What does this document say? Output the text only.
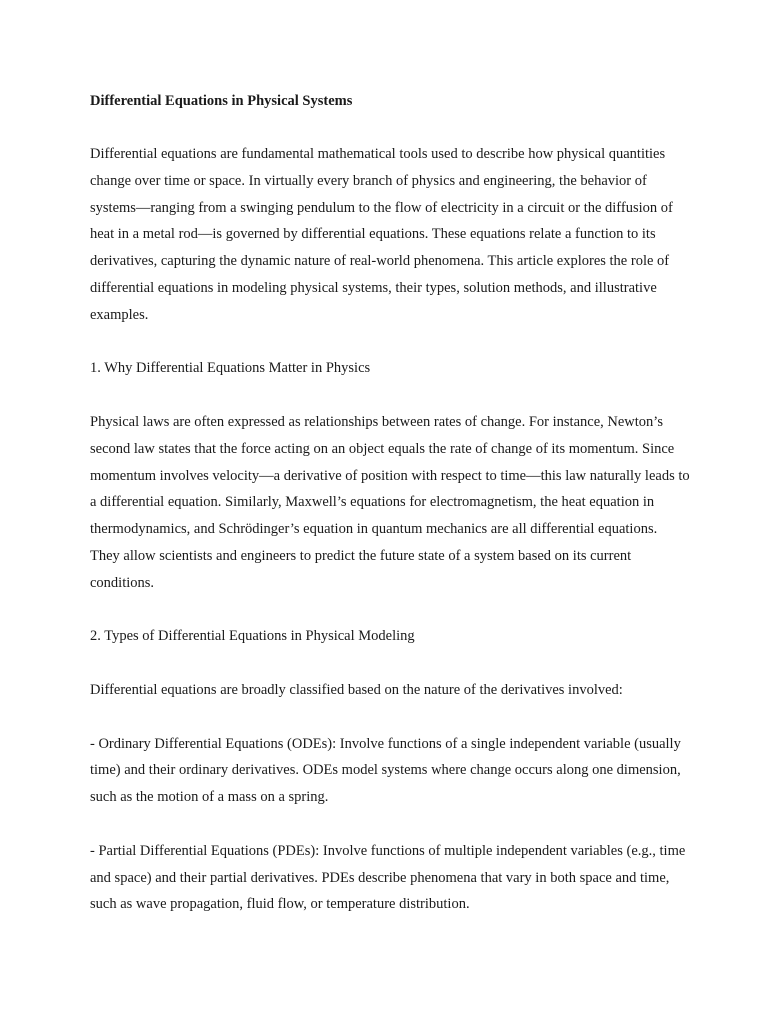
Differential Equations in Physical Systems

Differential equations are fundamental mathematical tools used to describe how physical quantities change over time or space. In virtually every branch of physics and engineering, the behavior of systems—ranging from a swinging pendulum to the flow of electricity in a circuit or the diffusion of heat in a metal rod—is governed by differential equations. These equations relate a function to its derivatives, capturing the dynamic nature of real-world phenomena. This article explores the role of differential equations in modeling physical systems, their types, solution methods, and illustrative examples.

1. Why Differential Equations Matter in Physics

Physical laws are often expressed as relationships between rates of change. For instance, Newton’s second law states that the force acting on an object equals the rate of change of its momentum. Since momentum involves velocity—a derivative of position with respect to time—this law naturally leads to a differential equation. Similarly, Maxwell’s equations for electromagnetism, the heat equation in thermodynamics, and Schrödinger’s equation in quantum mechanics are all differential equations. They allow scientists and engineers to predict the future state of a system based on its current conditions.

2. Types of Differential Equations in Physical Modeling

Differential equations are broadly classified based on the nature of the derivatives involved:

- Ordinary Differential Equations (ODEs): Involve functions of a single independent variable (usually time) and their ordinary derivatives. ODEs model systems where change occurs along one dimension, such as the motion of a mass on a spring.

- Partial Differential Equations (PDEs): Involve functions of multiple independent variables (e.g., time and space) and their partial derivatives. PDEs describe phenomena that vary in both space and time, such as wave propagation, fluid flow, or temperature distribution.
